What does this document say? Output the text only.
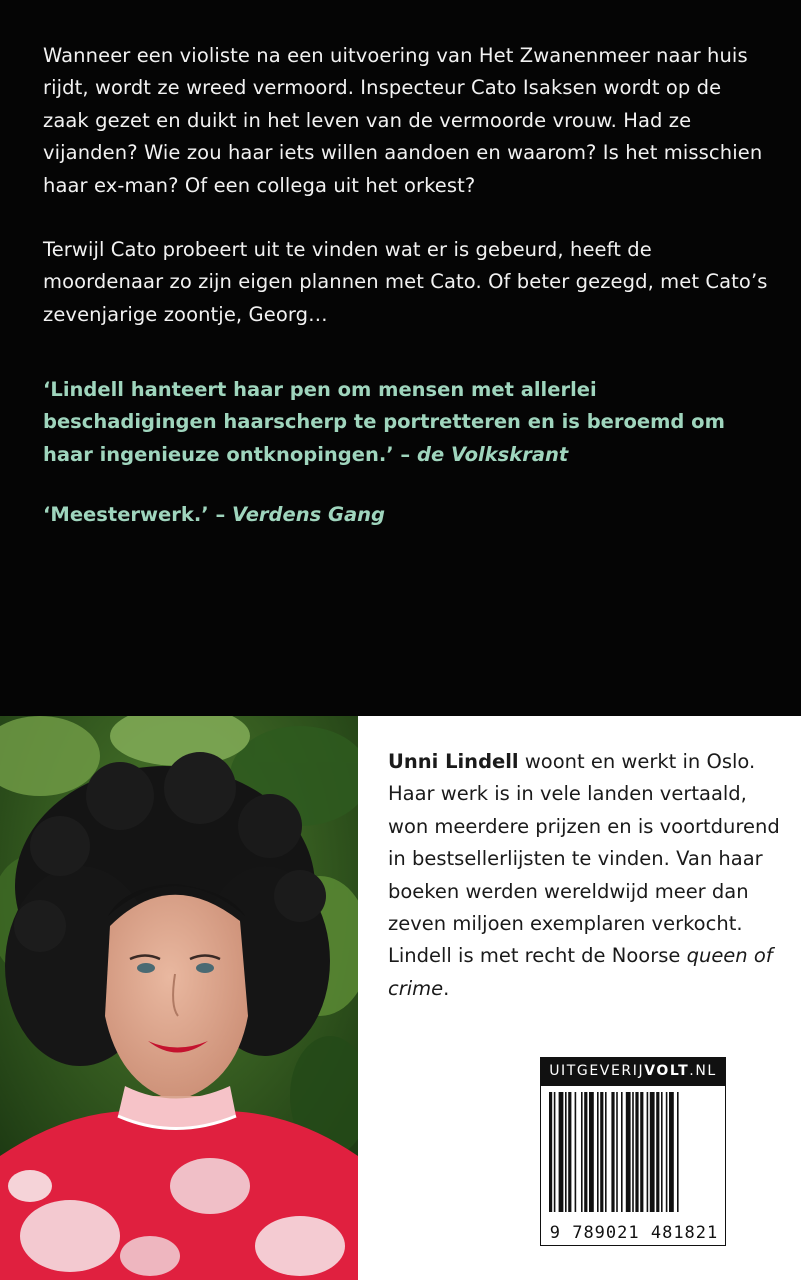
Wanneer een violiste na een uitvoering van Het Zwanenmeer naar huis rijdt, wordt ze wreed vermoord. Inspecteur Cato Isaksen wordt op de zaak gezet en duikt in het leven van de vermoorde vrouw. Had ze vijanden? Wie zou haar iets willen aandoen en waarom? Is het misschien haar ex-man? Of een collega uit het orkest?

Terwijl Cato probeert uit te vinden wat er is gebeurd, heeft de moordenaar zo zijn eigen plannen met Cato. Of beter gezegd, met Cato’s zevenjarige zoontje, Georg…

‘Lindell hanteert haar pen om mensen met allerlei beschadigingen haarscherp te portretteren en is beroemd om haar ingenieuze ontknopingen.’ – de Volkskrant

‘Meesterwerk.’ – Verdens Gang

Unni Lindell woont en werkt in Oslo. Haar werk is in vele landen vertaald, won meerdere prijzen en is voortdurend in bestsellerlijsten te vinden. Van haar boeken werden wereldwijd meer dan zeven miljoen exemplaren verkocht. Lindell is met recht de Noorse queen of crime.
UITGEVERIJVOLT.NL
9 789021 481821
